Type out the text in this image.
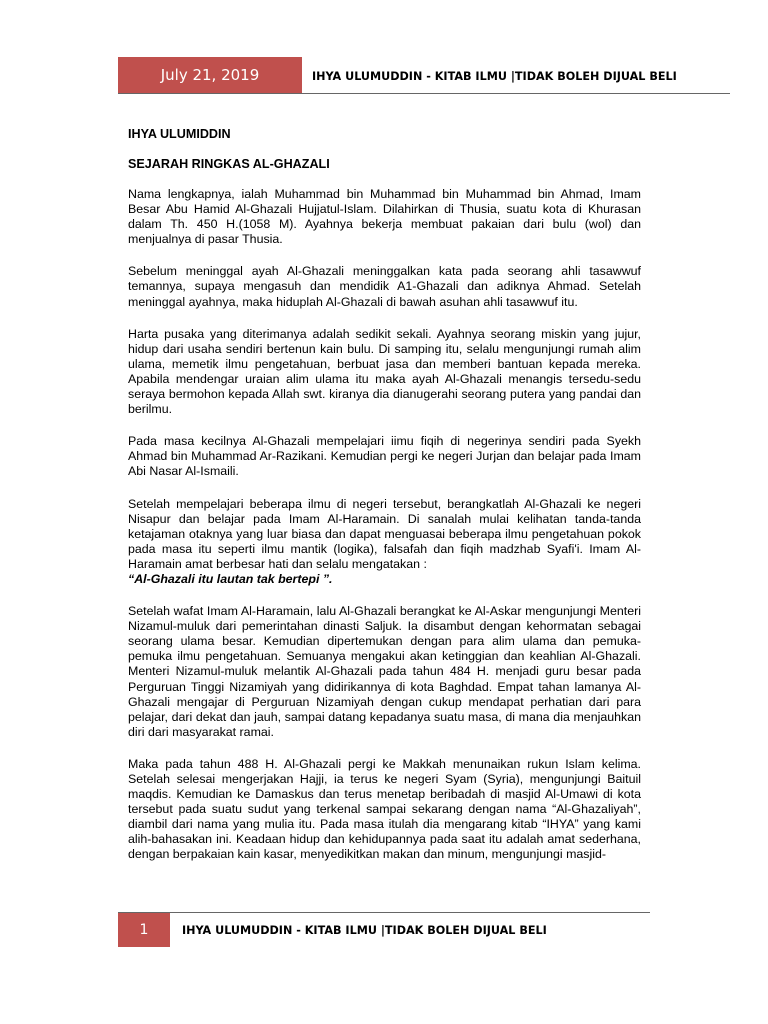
July 21, 2019	IHYA ULUMUDDIN - KITAB ILMU |TIDAK BOLEH DIJUAL BELI
IHYA ULUMIDDIN
SEJARAH RINGKAS AL-GHAZALI

Nama lengkapnya, ialah Muhammad bin Muhammad bin Muhammad bin Ahmad, Imam Besar Abu Hamid Al-Ghazali Hujjatul-Islam. Dilahirkan di Thusia, suatu kota di Khurasan dalam Th. 450 H.(1058 M). Ayahnya bekerja membuat pakaian dari bulu (wol) dan menjualnya di pasar Thusia.

Sebelum meninggal ayah Al-Ghazali meninggalkan kata pada seorang ahli tasawwuf temannya, supaya mengasuh dan mendidik A1-Ghazali dan adiknya Ahmad. Setelah meninggal ayahnya, maka hiduplah Al-Ghazali di bawah asuhan ahli tasawwuf itu.

Harta pusaka yang diterimanya adalah sedikit sekali. Ayahnya seorang miskin yang jujur, hidup dari usaha sendiri bertenun kain bulu. Di samping itu, selalu mengunjungi rumah alim ulama, memetik ilmu pengetahuan, berbuat jasa dan memberi bantuan kepada mereka. Apabila mendengar uraian alim ulama itu maka ayah Al-Ghazali menangis tersedu-sedu seraya bermohon kepada Allah swt. kiranya dia dianugerahi seorang putera yang pandai dan berilmu.

Pada masa kecilnya Al-Ghazali mempelajari iimu fiqih di negerinya sendiri pada Syekh Ahmad bin Muhammad Ar-Razikani. Kemudian pergi ke negeri Jurjan dan belajar pada Imam Abi Nasar Al-Ismaili.

Setelah mempelajari beberapa ilmu di negeri tersebut, berangkatlah Al-Ghazali ke negeri Nisapur dan belajar pada Imam Al-Haramain. Di sanalah mulai kelihatan tanda-tanda ketajaman otaknya yang luar biasa dan dapat menguasai beberapa ilmu pengetahuan pokok pada masa itu seperti ilmu mantik (logika), falsafah dan fiqih madzhab Syafi'i. Imam Al-Haramain amat berbesar hati dan selalu mengatakan :
“Al-Ghazali itu lautan tak bertepi ”.

Setelah wafat Imam Al-Haramain, lalu Al-Ghazali berangkat ke Al-Askar mengunjungi Menteri Nizamul-muluk dari pemerintahan dinasti Saljuk. Ia disambut dengan kehormatan sebagai seorang ulama besar. Kemudian dipertemukan dengan para alim ulama dan pemuka-pemuka ilmu pengetahuan. Semuanya mengakui akan ketinggian dan keahlian Al-Ghazali. Menteri Nizamul-muluk melantik Al-Ghazali pada tahun 484 H. menjadi guru besar pada Perguruan Tinggi Nizamiyah yang didirikannya di kota Baghdad. Empat tahan lamanya Al-Ghazali mengajar di Perguruan Nizamiyah dengan cukup mendapat perhatian dari para pelajar, dari dekat dan jauh, sampai datang kepadanya suatu masa, di mana dia menjauhkan diri dari masyarakat ramai.

Maka pada tahun 488 H. Al-Ghazali pergi ke Makkah menunaikan rukun Islam kelima. Setelah selesai mengerjakan Hajji, ia terus ke negeri Syam (Syria), mengunjungi Baituil maqdis. Kemudian ke Damaskus dan terus menetap beribadah di masjid Al-Umawi di kota tersebut pada suatu sudut yang terkenal sampai sekarang dengan nama “Al-Ghazaliyah”, diambil dari nama yang mulia itu. Pada masa itulah dia mengarang kitab “IHYA” yang kami alih-bahasakan ini. Keadaan hidup dan kehidupannya pada saat itu adalah amat sederhana, dengan berpakaian kain kasar, menyedikitkan makan dan minum, mengunjungi masjid-

1	IHYA ULUMUDDIN - KITAB ILMU |TIDAK BOLEH DIJUAL BELI
